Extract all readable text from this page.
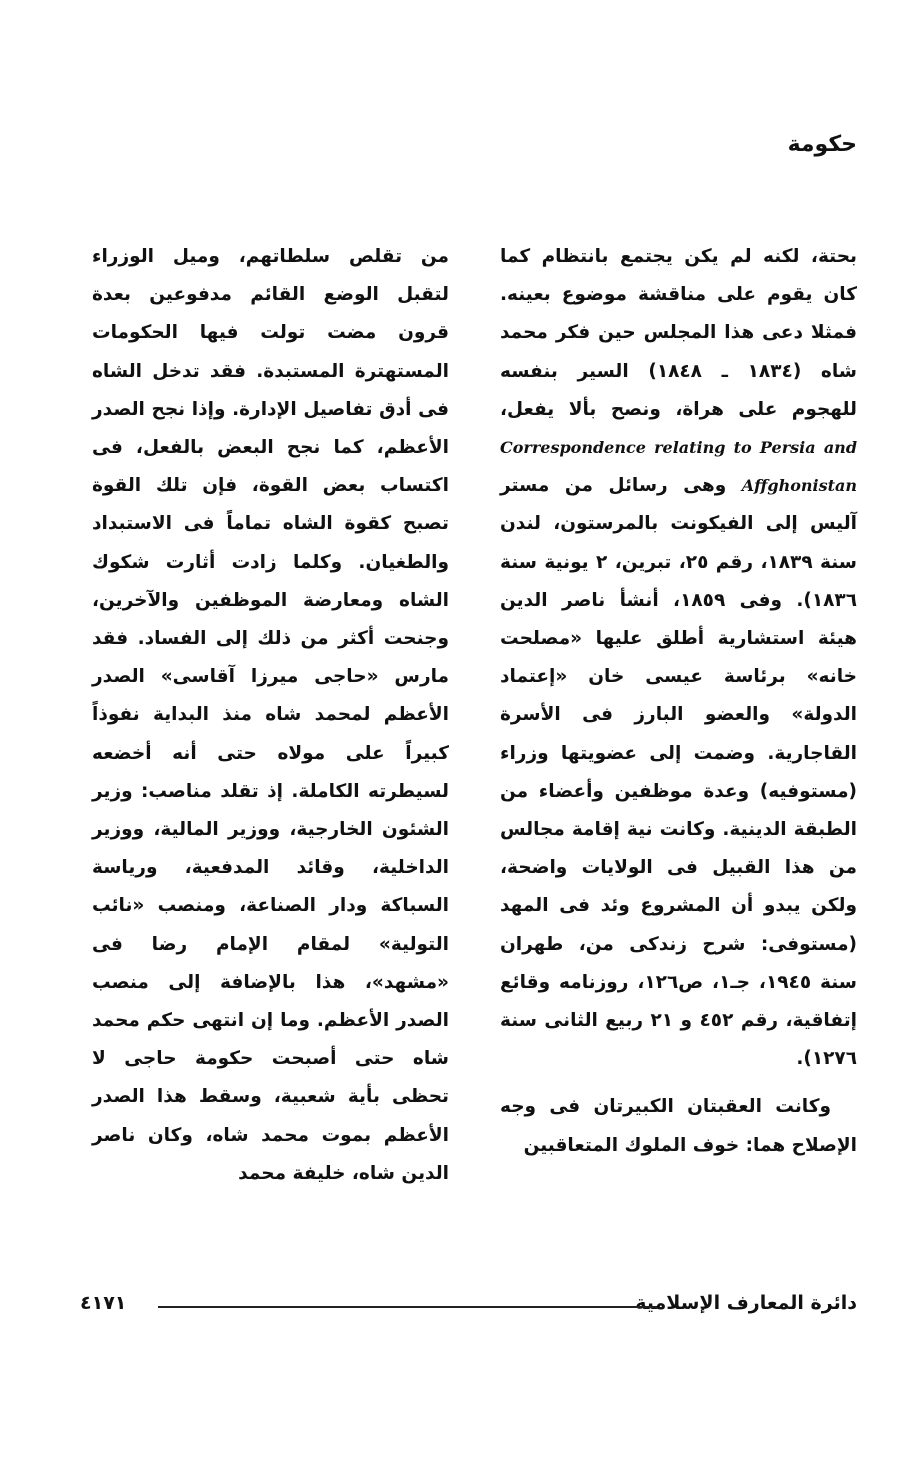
حكومة

بحتة، لكنه لم يكن يجتمع بانتظام كما كان يقوم على مناقشة موضوع بعينه. فمثلا دعى هذا المجلس حين فكر محمد شاه (١٨٣٤ ـ ١٨٤٨) السير بنفسه للهجوم على هراة، ونصح بألا يفعل، Correspondence relating to Persia and Affghonistan وهى رسائل من مستر آليس إلى الفيكونت بالمرستون، لندن سنة ١٨٣٩، رقم ٢٥، تبرين، ٢ يونية سنة ١٨٣٦). وفى ١٨٥٩، أنشأ ناصر الدين هيئة استشارية أطلق عليها «مصلحت خانه» برئاسة عيسى خان «إعتماد الدولة» والعضو البارز فى الأسرة القاجارية. وضمت إلى عضويتها وزراء (مستوفيه) وعدة موظفين وأعضاء من الطبقة الدينية. وكانت نية إقامة مجالس من هذا القبيل فى الولايات واضحة، ولكن يبدو أن المشروع وئد فى المهد (مستوفى: شرح زندكى من، طهران سنة ١٩٤٥، جـ١، ص١٢٦، روزنامه وقائع إتفاقية، رقم ٤٥٢ و ٢١ ربيع الثانى سنة ١٢٧٦).

وكانت العقبتان الكبيرتان فى وجه الإصلاح هما: خوف الملوك المتعاقبين

من تقلص سلطاتهم، وميل الوزراء لتقبل الوضع القائم مدفوعين بعدة قرون مضت تولت فيها الحكومات المستهترة المستبدة. فقد تدخل الشاه فى أدق تفاصيل الإدارة. وإذا نجح الصدر الأعظم، كما نجح البعض بالفعل، فى اكتساب بعض القوة، فإن تلك القوة تصبح كقوة الشاه تماماً فى الاستبداد والطغيان. وكلما زادت أثارت شكوك الشاه ومعارضة الموظفين والآخرين، وجنحت أكثر من ذلك إلى الفساد. فقد مارس «حاجى ميرزا آقاسى» الصدر الأعظم لمحمد شاه منذ البداية نفوذاً كبيراً على مولاه حتى أنه أخضعه لسيطرته الكاملة. إذ تقلد مناصب: وزير الشئون الخارجية، ووزير المالية، ووزير الداخلية، وقائد المدفعية، ورياسة السباكة ودار الصناعة، ومنصب «نائب التولية» لمقام الإمام رضا فى «مشهد»، هذا بالإضافة إلى منصب الصدر الأعظم. وما إن انتهى حكم محمد شاه حتى أصبحت حكومة حاجى لا تحظى بأية شعبية، وسقط هذا الصدر الأعظم بموت محمد شاه، وكان ناصر الدين شاه، خليفة محمد

دائرة المعارف الإسلامية
٤١٧١
